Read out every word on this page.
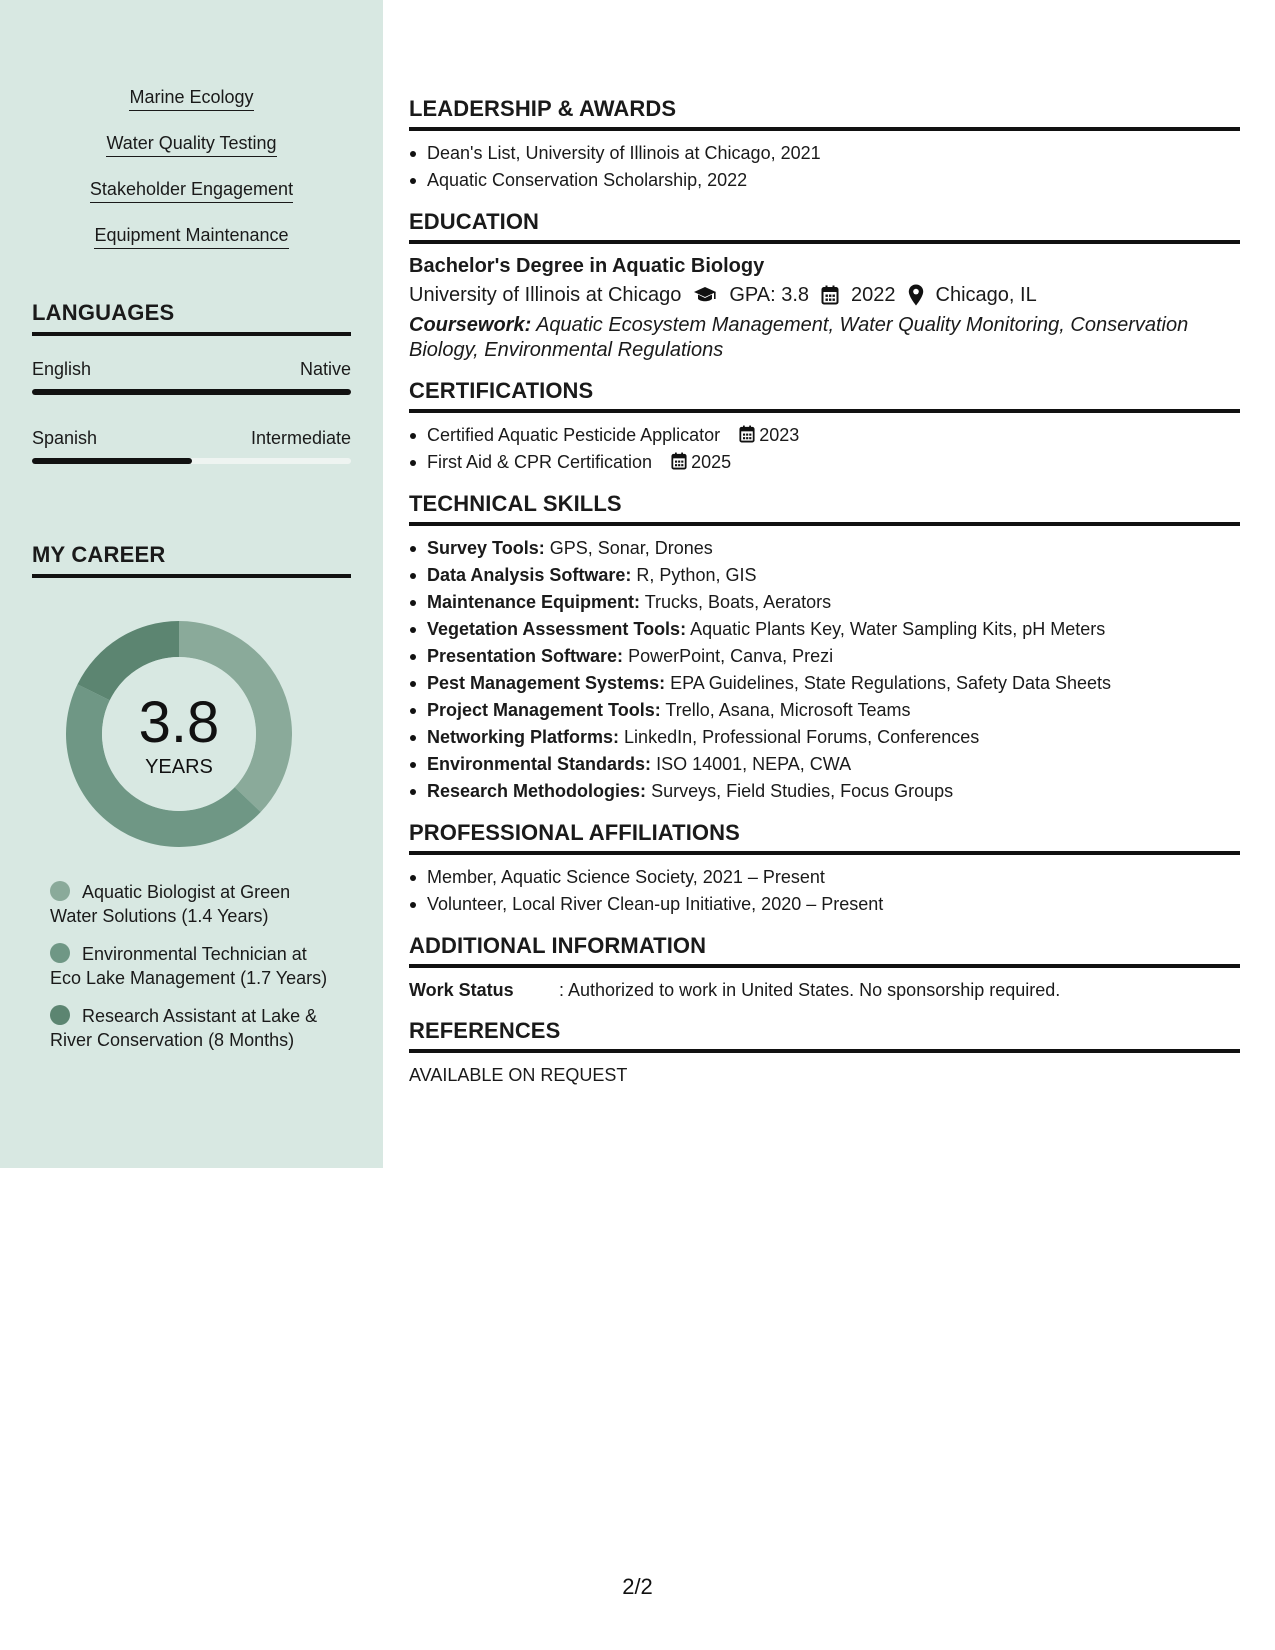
Marine Ecology
Water Quality Testing
Stakeholder Engagement
Equipment Maintenance
LANGUAGES
English	Native
Spanish	Intermediate
MY CAREER
3.8
YEARS
Aquatic Biologist at Green Water Solutions (1.4 Years)
Environmental Technician at Eco Lake Management (1.7 Years)
Research Assistant at Lake & River Conservation (8 Months)
LEADERSHIP & AWARDS
Dean's List, University of Illinois at Chicago, 2021
Aquatic Conservation Scholarship, 2022
EDUCATION
Bachelor's Degree in Aquatic Biology
University of Illinois at Chicago GPA: 3.8 2022 Chicago, IL
Coursework: Aquatic Ecosystem Management, Water Quality Monitoring, Conservation Biology, Environmental Regulations
CERTIFICATIONS
Certified Aquatic Pesticide Applicator 2023
First Aid & CPR Certification 2025
TECHNICAL SKILLS
Survey Tools: GPS, Sonar, Drones
Data Analysis Software: R, Python, GIS
Maintenance Equipment: Trucks, Boats, Aerators
Vegetation Assessment Tools: Aquatic Plants Key, Water Sampling Kits, pH Meters
Presentation Software: PowerPoint, Canva, Prezi
Pest Management Systems: EPA Guidelines, State Regulations, Safety Data Sheets
Project Management Tools: Trello, Asana, Microsoft Teams
Networking Platforms: LinkedIn, Professional Forums, Conferences
Environmental Standards: ISO 14001, NEPA, CWA
Research Methodologies: Surveys, Field Studies, Focus Groups
PROFESSIONAL AFFILIATIONS
Member, Aquatic Science Society, 2021 – Present
Volunteer, Local River Clean-up Initiative, 2020 – Present
ADDITIONAL INFORMATION
Work Status	: Authorized to work in United States. No sponsorship required.
REFERENCES
AVAILABLE ON REQUEST
2/2
